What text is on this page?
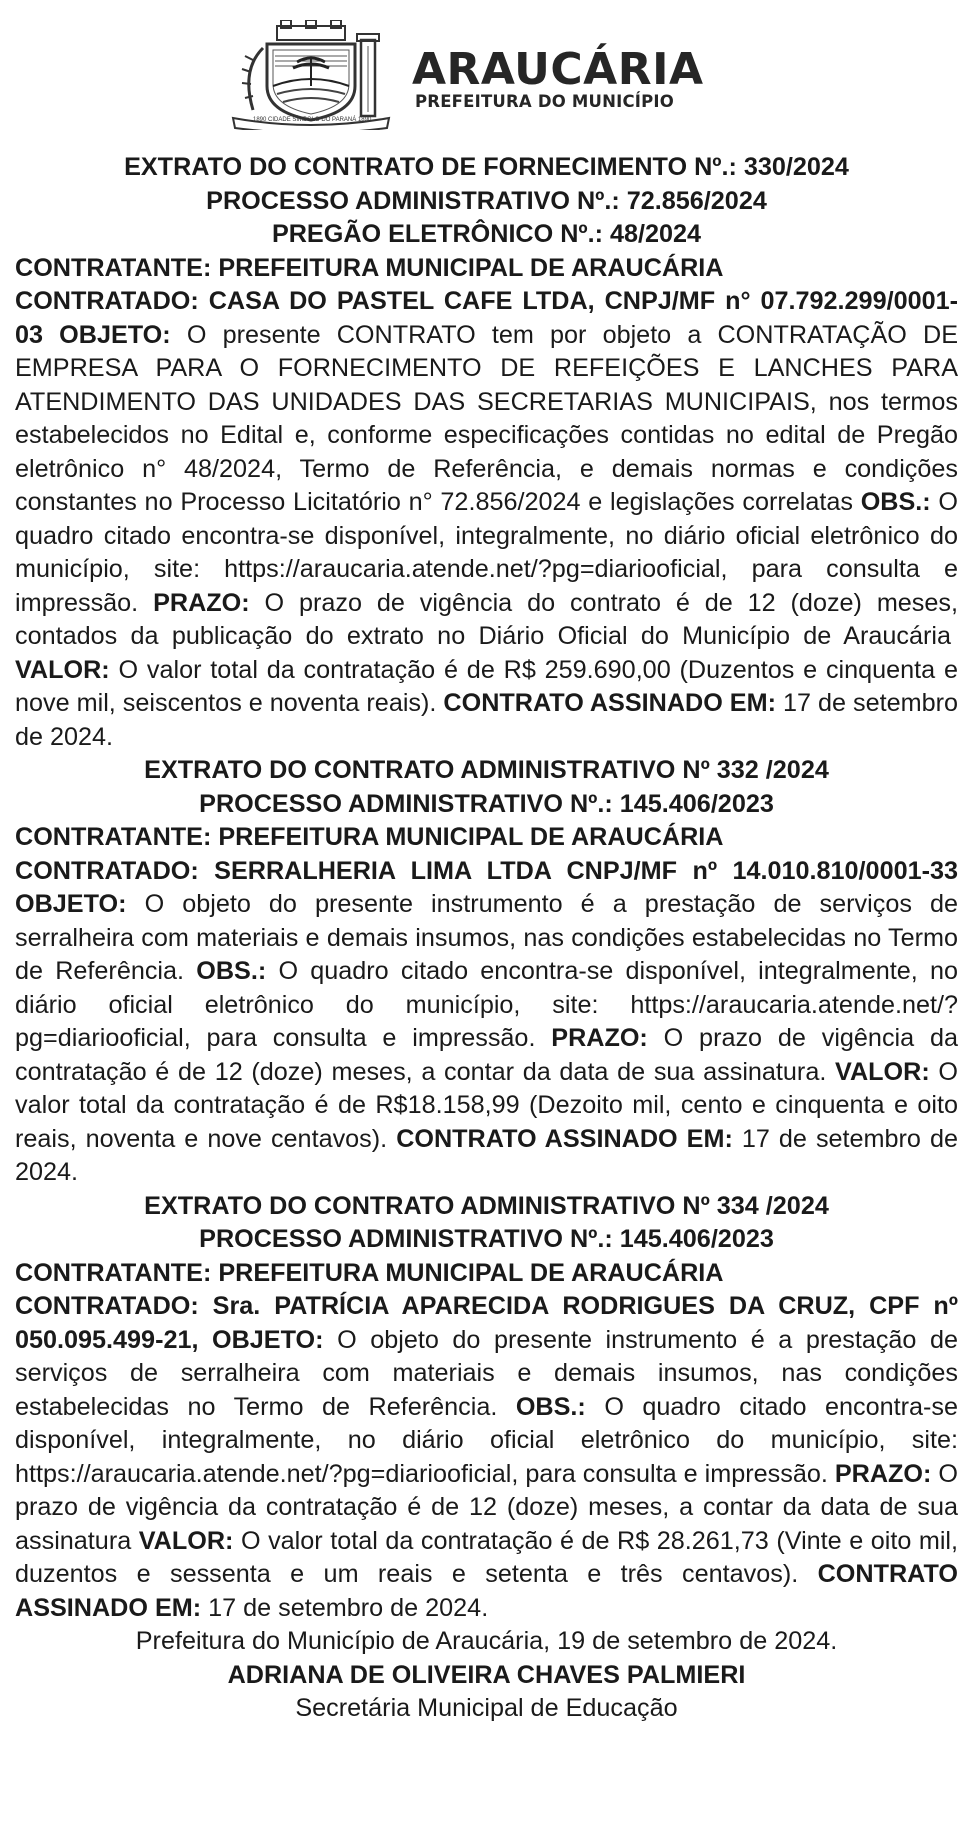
1890 CIDADE SÍMBOLO DO PARANÁ 1890
ARAUCÁRIA
PREFEITURA DO MUNICÍPIO
EXTRATO DO CONTRATO DE FORNECIMENTO Nº.: 330/2024
PROCESSO ADMINISTRATIVO Nº.: 72.856/2024
PREGÃO ELETRÔNICO Nº.: 48/2024
CONTRATANTE: PREFEITURA MUNICIPAL DE ARAUCÁRIA
CONTRATADO: CASA DO PASTEL CAFE LTDA, CNPJ/MF n° 07.792.299/0001-03 OBJETO: O presente CONTRATO tem por objeto a CONTRATAÇÃO DE EMPRESA PARA O FORNECIMENTO DE REFEIÇÕES E LANCHES PARA ATENDIMENTO DAS UNIDADES DAS SECRETARIAS MUNICIPAIS, nos termos estabelecidos no Edital e, conforme especificações contidas no edital de Pregão eletrônico n° 48/2024, Termo de Referência, e demais normas e condições constantes no Processo Licitatório n° 72.856/2024 e legislações correlatas OBS.: O quadro citado encontra-se disponível, integralmente, no diário oficial eletrônico do município, site: https://araucaria.atende.net/?pg=diariooficial, para consulta e impressão. PRAZO: O prazo de vigência do contrato é de 12 (doze) meses, contados da publicação do extrato no Diário Oficial do Município de Araucária  VALOR: O valor total da contratação é de R$ 259.690,00 (Duzentos e cinquenta e nove mil, seiscentos e noventa reais). CONTRATO ASSINADO EM: 17 de setembro de 2024.
EXTRATO DO CONTRATO ADMINISTRATIVO Nº 332 /2024
PROCESSO ADMINISTRATIVO Nº.: 145.406/2023
CONTRATANTE: PREFEITURA MUNICIPAL DE ARAUCÁRIA
CONTRATADO: SERRALHERIA LIMA LTDA CNPJ/MF nº 14.010.810/0001-33 OBJETO: O objeto do presente instrumento é a prestação de serviços de serralheira com materiais e demais insumos, nas condições estabelecidas no Termo de Referência. OBS.: O quadro citado encontra-se disponível, integralmente, no diário oficial eletrônico do município, site: https://araucaria.atende.net/?pg=diariooficial, para consulta e impressão. PRAZO: O prazo de vigência da contratação é de 12 (doze) meses, a contar da data de sua assinatura. VALOR: O valor total da contratação é de R$18.158,99 (Dezoito mil, cento e cinquenta e oito reais, noventa e nove centavos). CONTRATO ASSINADO EM: 17 de setembro de 2024.
EXTRATO DO CONTRATO ADMINISTRATIVO Nº 334 /2024
PROCESSO ADMINISTRATIVO Nº.: 145.406/2023
CONTRATANTE: PREFEITURA MUNICIPAL DE ARAUCÁRIA
CONTRATADO: Sra. PATRÍCIA APARECIDA RODRIGUES DA CRUZ, CPF nº 050.095.499-21, OBJETO: O objeto do presente instrumento é a prestação de serviços de serralheira com materiais e demais insumos, nas condições estabelecidas no Termo de Referência. OBS.: O quadro citado encontra-se disponível, integralmente, no diário oficial eletrônico do município, site: https://araucaria.atende.net/?pg=diariooficial, para consulta e impressão. PRAZO: O prazo de vigência da contratação é de 12 (doze) meses, a contar da data de sua assinatura VALOR: O valor total da contratação é de R$ 28.261,73 (Vinte e oito mil, duzentos e sessenta e um reais e setenta e três centavos). CONTRATO ASSINADO EM: 17 de setembro de 2024.
Prefeitura do Município de Araucária, 19 de setembro de 2024.
ADRIANA DE OLIVEIRA CHAVES PALMIERI
Secretária Municipal de Educação
